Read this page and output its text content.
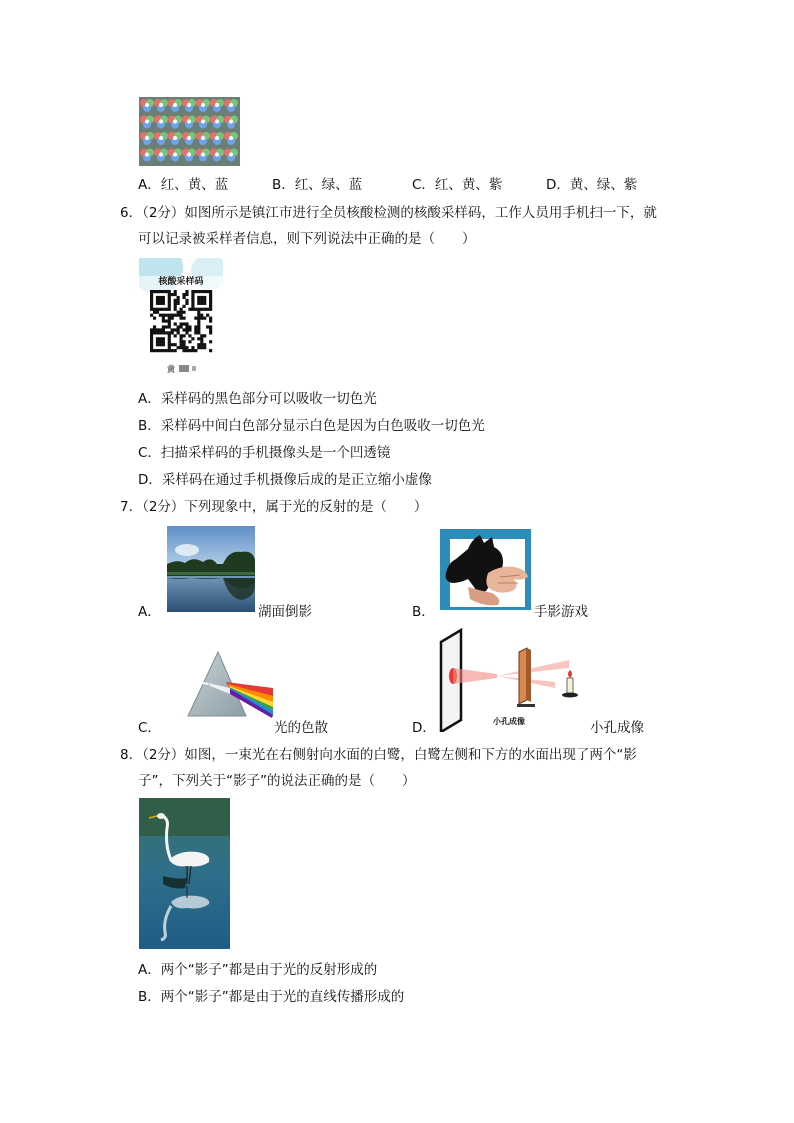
A．红、黄、蓝	B．红、绿、蓝	C．红、黄、紫	D．黄、绿、紫
6．（2分）如图所示是镇江市进行全员核酸检测的核酸采样码，工作人员用手机扫一下，就
可以记录被采样者信息，则下列说法中正确的是（　　）
核酸采样码
黄
A．采样码的黑色部分可以吸收一切色光
B．采样码中间白色部分显示白色是因为白色吸收一切色光
C．扫描采样码的手机摄像头是一个凹透镜
D．采样码在通过手机摄像后成的是正立缩小虚像
7．（2分）下列现象中，属于光的反射的是（　　）
A．	湖面倒影	B．	手影游戏
C．	光的色散	D．	小孔成像	小孔成像
8．（2分）如图，一束光在右侧射向水面的白鹭，白鹭左侧和下方的水面出现了两个“影
子”，下列关于“影子”的说法正确的是（　　）
A．两个“影子”都是由于光的反射形成的
B．两个“影子”都是由于光的直线传播形成的
